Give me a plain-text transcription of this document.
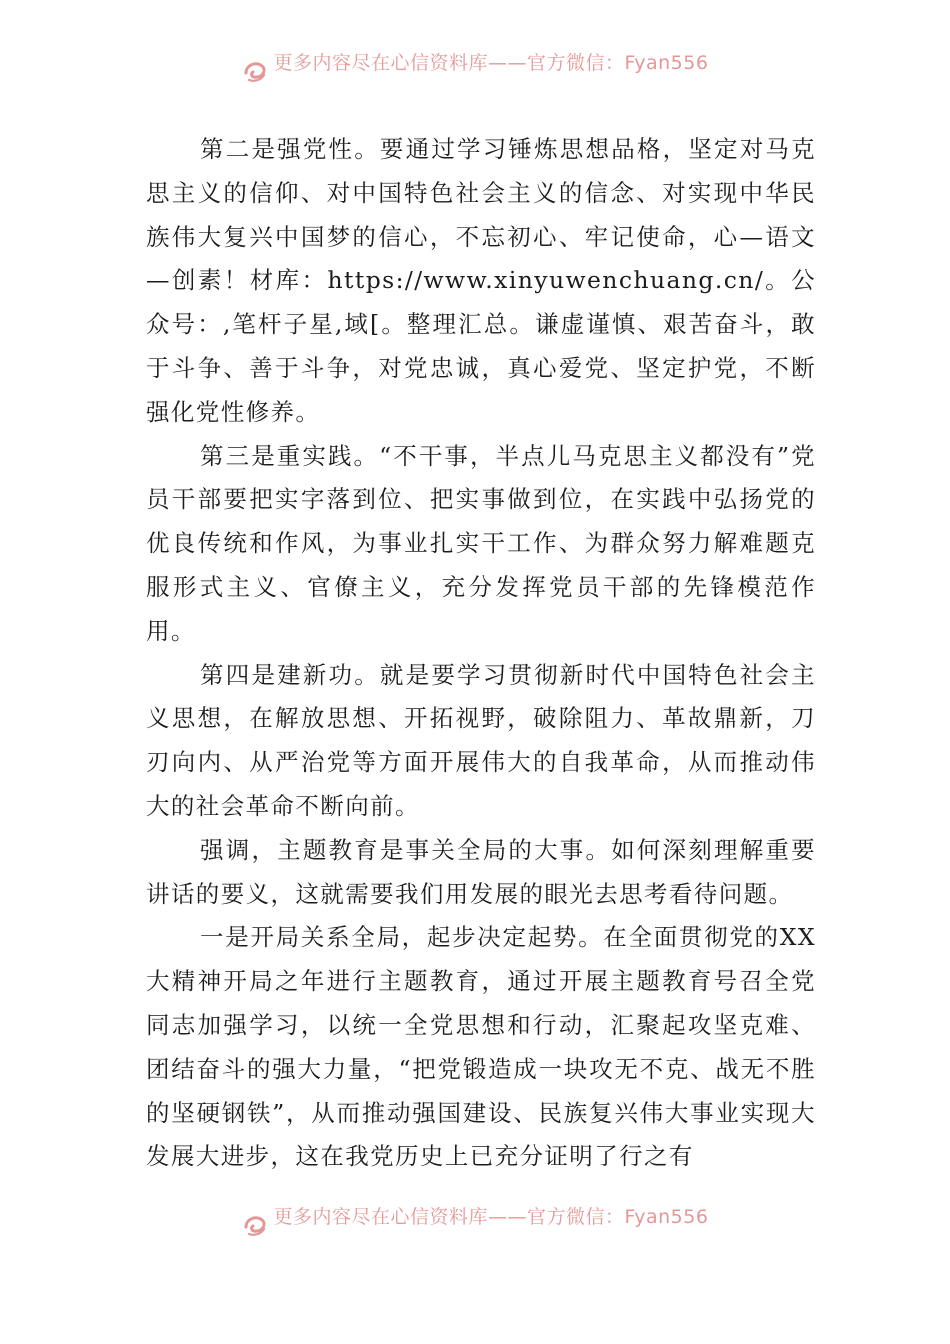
更多内容尽在心信资料库——官方微信：Fyan556

第二是强党性。要通过学习锤炼思想品格，坚定对马克思主义的信仰、对中国特色社会主义的信念、对实现中华民族伟大复兴中国梦的信心，不忘初心、牢记使命，心—语文—创素！材库：https://www.xinyuwenchuang.cn/。公众号：,笔杆子星,域[。整理汇总。谦虚谨慎、艰苦奋斗，敢于斗争、善于斗争，对党忠诚，真心爱党、坚定护党，不断强化党性修养。

第三是重实践。“不干事，半点儿马克思主义都没有”党员干部要把实字落到位、把实事做到位，在实践中弘扬党的优良传统和作风，为事业扎实干工作、为群众努力解难题克服形式主义、官僚主义，充分发挥党员干部的先锋模范作用。

第四是建新功。就是要学习贯彻新时代中国特色社会主义思想，在解放思想、开拓视野，破除阻力、革故鼎新，刀刃向内、从严治党等方面开展伟大的自我革命，从而推动伟大的社会革命不断向前。

强调，主题教育是事关全局的大事。如何深刻理解重要讲话的要义，这就需要我们用发展的眼光去思考看待问题。

一是开局关系全局，起步决定起势。在全面贯彻党的XX大精神开局之年进行主题教育，通过开展主题教育号召全党同志加强学习，以统一全党思想和行动，汇聚起攻坚克难、团结奋斗的强大力量，“把党锻造成一块攻无不克、战无不胜的坚硬钢铁”，从而推动强国建设、民族复兴伟大事业实现大发展大进步，这在我党历史上已充分证明了行之有

更多内容尽在心信资料库——官方微信：Fyan556
